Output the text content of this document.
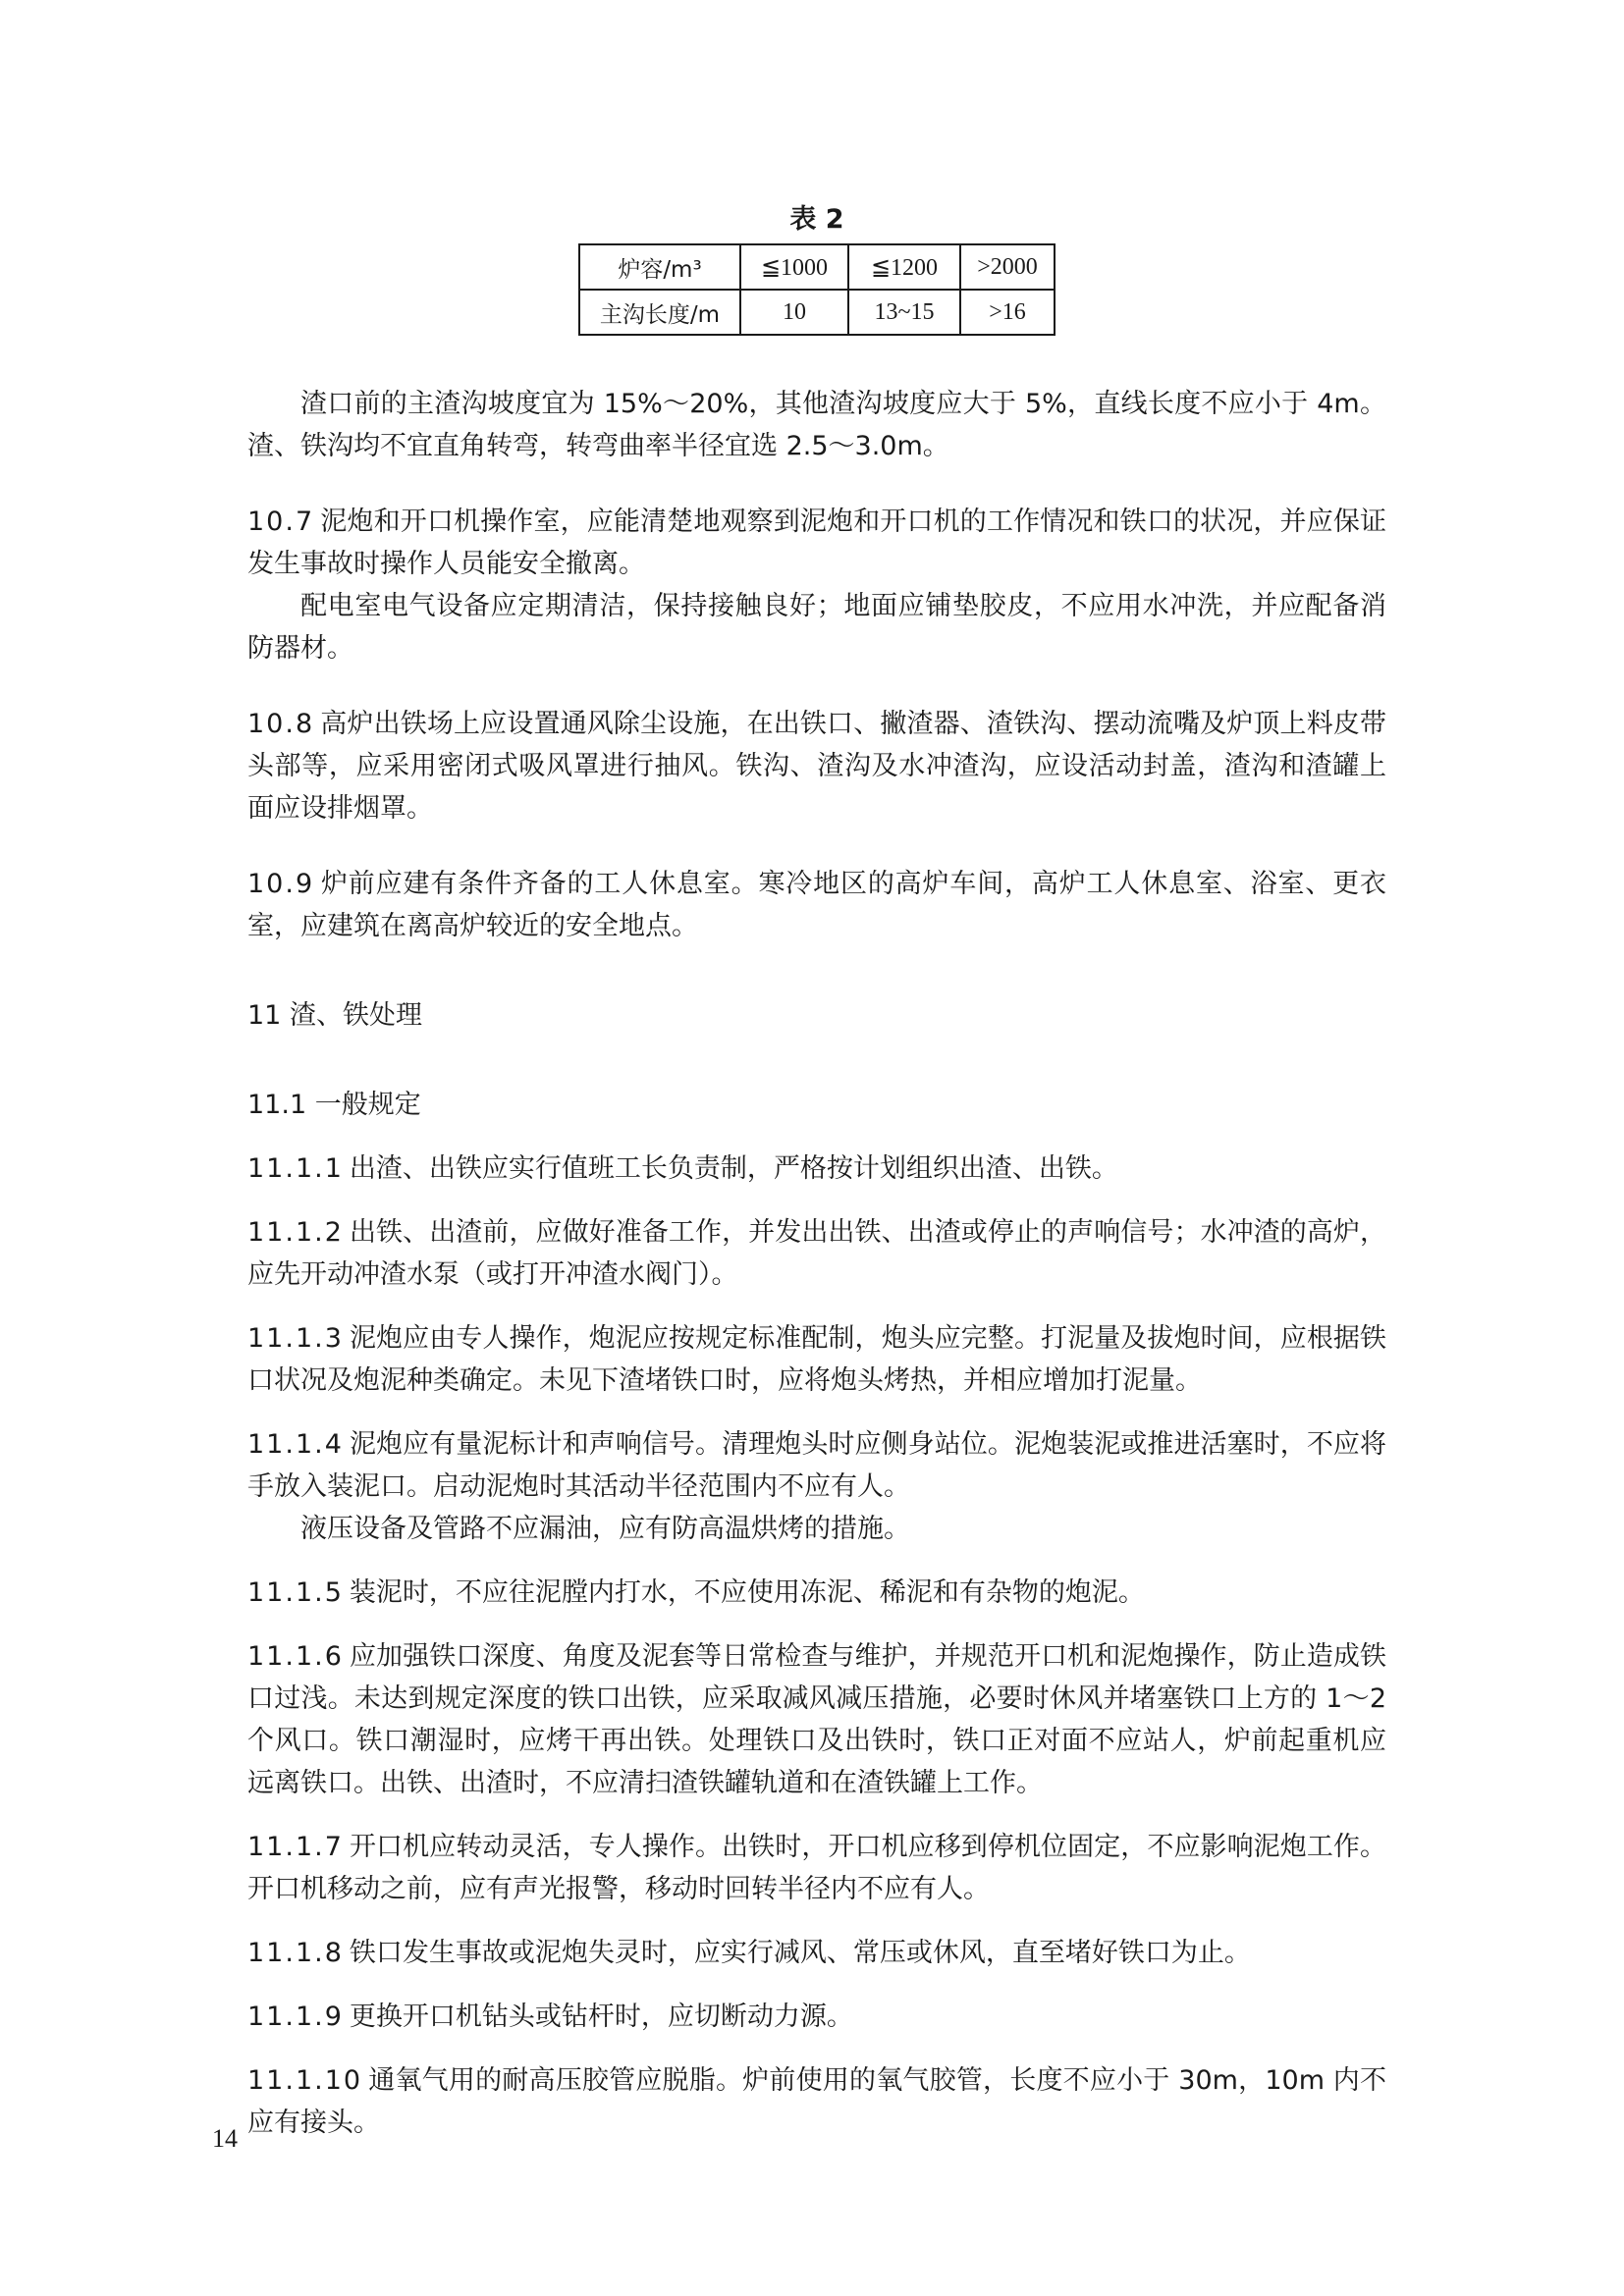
表 2
炉容/m³	≦1000	≦1200	>2000
主沟长度/m	10	13~15	>16

渣口前的主渣沟坡度宜为 15%～20%，其他渣沟坡度应大于 5%，直线长度不应小于 4m。渣、铁沟均不宜直角转弯，转弯曲率半径宜选 2.5～3.0m。

10.7 泥炮和开口机操作室，应能清楚地观察到泥炮和开口机的工作情况和铁口的状况，并应保证发生事故时操作人员能安全撤离。

配电室电气设备应定期清洁，保持接触良好；地面应铺垫胶皮，不应用水冲洗，并应配备消防器材。

10.8 高炉出铁场上应设置通风除尘设施，在出铁口、撇渣器、渣铁沟、摆动流嘴及炉顶上料皮带头部等，应采用密闭式吸风罩进行抽风。铁沟、渣沟及水冲渣沟，应设活动封盖，渣沟和渣罐上面应设排烟罩。

10.9 炉前应建有条件齐备的工人休息室。寒冷地区的高炉车间，高炉工人休息室、浴室、更衣室，应建筑在离高炉较近的安全地点。

11 渣、铁处理

11.1 一般规定

11.1.1 出渣、出铁应实行值班工长负责制，严格按计划组织出渣、出铁。

11.1.2 出铁、出渣前，应做好准备工作，并发出出铁、出渣或停止的声响信号；水冲渣的高炉，应先开动冲渣水泵（或打开冲渣水阀门）。

11.1.3 泥炮应由专人操作，炮泥应按规定标准配制，炮头应完整。打泥量及拔炮时间，应根据铁口状况及炮泥种类确定。未见下渣堵铁口时，应将炮头烤热，并相应增加打泥量。

11.1.4 泥炮应有量泥标计和声响信号。清理炮头时应侧身站位。泥炮装泥或推进活塞时，不应将手放入装泥口。启动泥炮时其活动半径范围内不应有人。

液压设备及管路不应漏油，应有防高温烘烤的措施。

11.1.5 装泥时，不应往泥膛内打水，不应使用冻泥、稀泥和有杂物的炮泥。

11.1.6 应加强铁口深度、角度及泥套等日常检查与维护，并规范开口机和泥炮操作，防止造成铁口过浅。未达到规定深度的铁口出铁，应采取减风减压措施，必要时休风并堵塞铁口上方的 1～2 个风口。铁口潮湿时，应烤干再出铁。处理铁口及出铁时，铁口正对面不应站人，炉前起重机应远离铁口。出铁、出渣时，不应清扫渣铁罐轨道和在渣铁罐上工作。

11.1.7 开口机应转动灵活，专人操作。出铁时，开口机应移到停机位固定，不应影响泥炮工作。开口机移动之前，应有声光报警，移动时回转半径内不应有人。

11.1.8 铁口发生事故或泥炮失灵时，应实行减风、常压或休风，直至堵好铁口为止。

11.1.9 更换开口机钻头或钻杆时，应切断动力源。

11.1.10 通氧气用的耐高压胶管应脱脂。炉前使用的氧气胶管，长度不应小于 30m，10m 内不应有接头。

14
